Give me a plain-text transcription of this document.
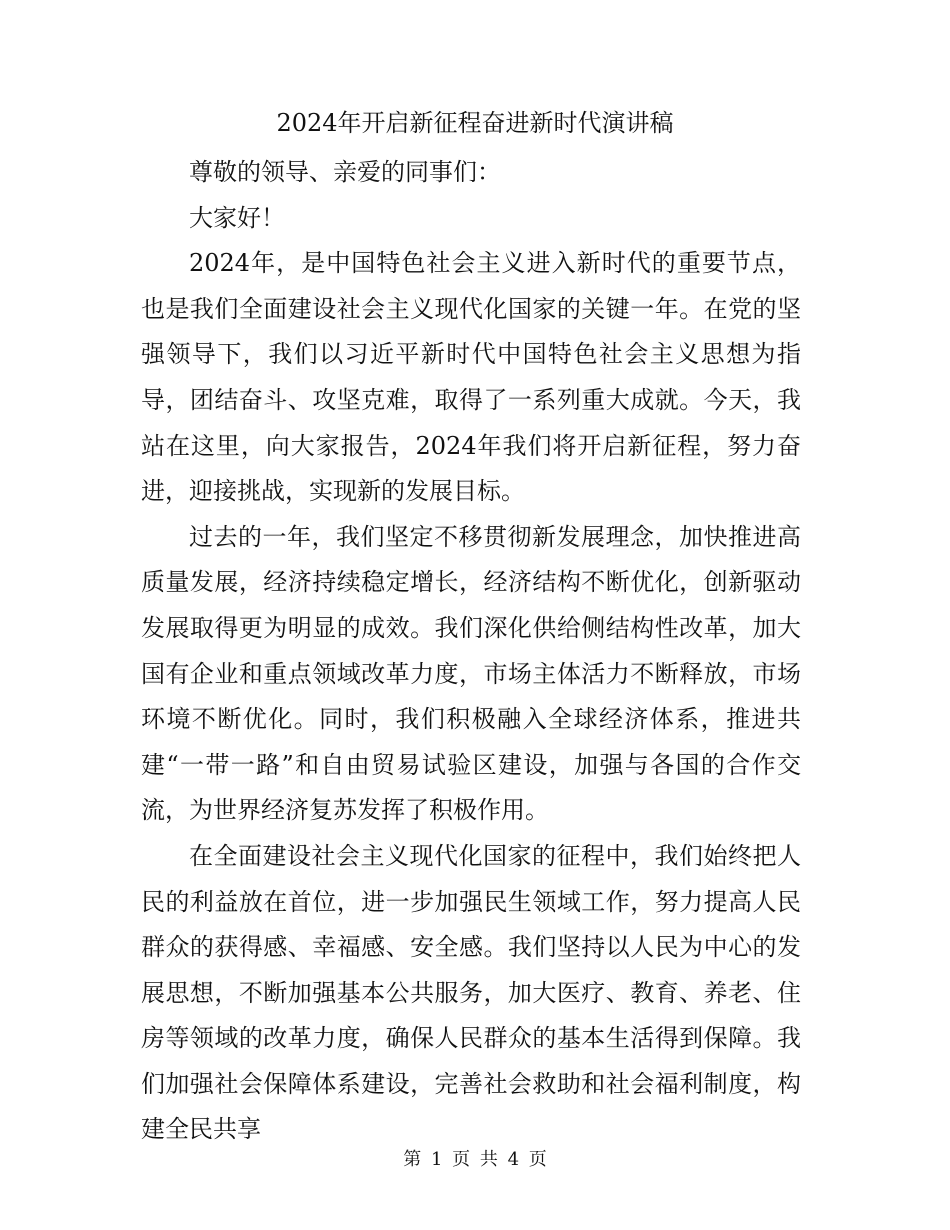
2024年开启新征程奋进新时代演讲稿

尊敬的领导、亲爱的同事们：

大家好！

2024年，是中国特色社会主义进入新时代的重要节点，也是我们全面建设社会主义现代化国家的关键一年。在党的坚强领导下，我们以习近平新时代中国特色社会主义思想为指导，团结奋斗、攻坚克难，取得了一系列重大成就。今天，我站在这里，向大家报告，2024年我们将开启新征程，努力奋进，迎接挑战，实现新的发展目标。

过去的一年，我们坚定不移贯彻新发展理念，加快推进高质量发展，经济持续稳定增长，经济结构不断优化，创新驱动发展取得更为明显的成效。我们深化供给侧结构性改革，加大国有企业和重点领域改革力度，市场主体活力不断释放，市场环境不断优化。同时，我们积极融入全球经济体系，推进共建“一带一路”和自由贸易试验区建设，加强与各国的合作交流，为世界经济复苏发挥了积极作用。

在全面建设社会主义现代化国家的征程中，我们始终把人民的利益放在首位，进一步加强民生领域工作，努力提高人民群众的获得感、幸福感、安全感。我们坚持以人民为中心的发展思想，不断加强基本公共服务，加大医疗、教育、养老、住房等领域的改革力度，确保人民群众的基本生活得到保障。我们加强社会保障体系建设，完善社会救助和社会福利制度，构建全民共享

第 1 页 共 4 页
